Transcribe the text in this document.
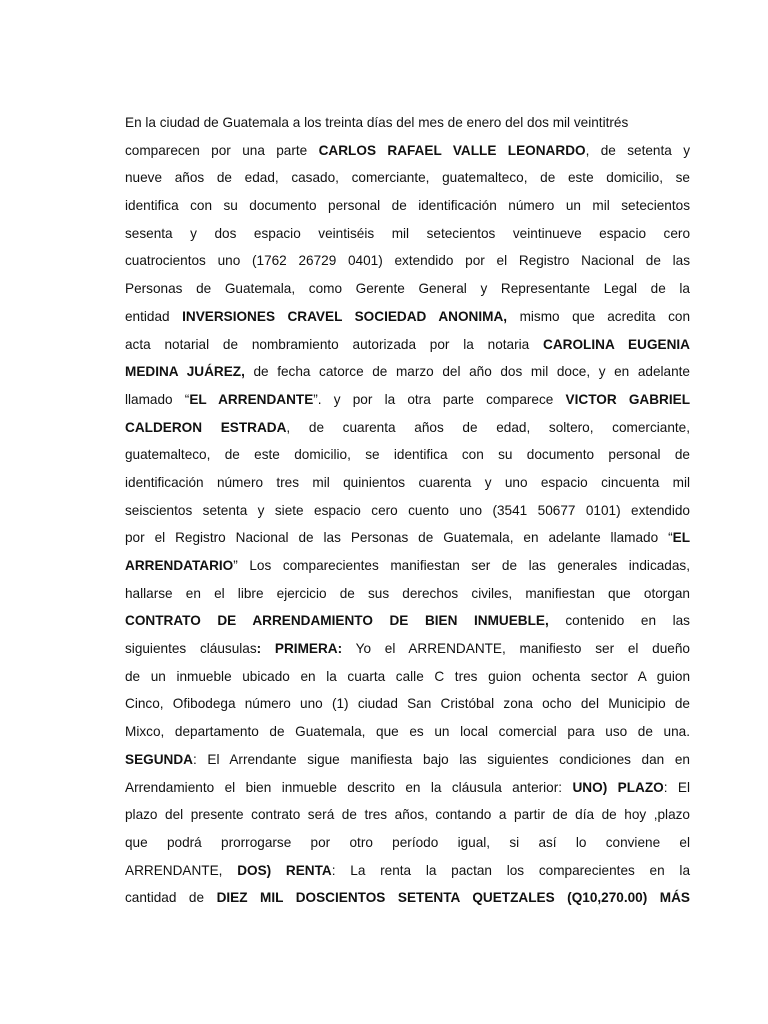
En la ciudad de Guatemala a los treinta días del mes de enero del dos mil veintitrés
comparecen por una parte CARLOS RAFAEL VALLE LEONARDO, de setenta y
nueve años de edad, casado, comerciante, guatemalteco, de este domicilio, se
identifica con su documento personal de identificación número un mil setecientos
sesenta y dos espacio veintiséis mil setecientos veintinueve espacio cero
cuatrocientos uno (1762 26729 0401) extendido por el Registro Nacional de las
Personas de Guatemala, como Gerente General y Representante Legal de la
entidad INVERSIONES CRAVEL SOCIEDAD ANONIMA, mismo que acredita con
acta notarial de nombramiento autorizada por la notaria CAROLINA EUGENIA
MEDINA JUÁREZ, de fecha catorce de marzo del año dos mil doce, y en adelante
llamado “EL ARRENDANTE”. y por la otra parte comparece VICTOR GABRIEL
CALDERON ESTRADA, de cuarenta años de edad, soltero, comerciante,
guatemalteco, de este domicilio, se identifica con su documento personal de
identificación número tres mil quinientos cuarenta y uno espacio cincuenta mil
seiscientos setenta y siete espacio cero cuento uno (3541 50677 0101) extendido
por el Registro Nacional de las Personas de Guatemala, en adelante llamado “EL
ARRENDATARIO” Los comparecientes manifiestan ser de las generales indicadas,
hallarse en el libre ejercicio de sus derechos civiles, manifiestan que otorgan
CONTRATO DE ARRENDAMIENTO DE BIEN INMUEBLE, contenido en las
siguientes cláusulas: PRIMERA: Yo el ARRENDANTE, manifiesto ser el dueño
de un inmueble ubicado en la cuarta calle C tres guion ochenta sector A guion
Cinco, Ofibodega número uno (1) ciudad San Cristóbal zona ocho del Municipio de
Mixco, departamento de Guatemala, que es un local comercial para uso de una.
SEGUNDA: El Arrendante sigue manifiesta bajo las siguientes condiciones dan en
Arrendamiento el bien inmueble descrito en la cláusula anterior: UNO) PLAZO: El
plazo del presente contrato será de tres años, contando a partir de día de hoy ,plazo
que podrá prorrogarse por otro período igual, si así lo conviene el
ARRENDANTE, DOS) RENTA: La renta la pactan los comparecientes en la
cantidad de DIEZ MIL DOSCIENTOS SETENTA QUETZALES (Q10,270.00) MÁS
